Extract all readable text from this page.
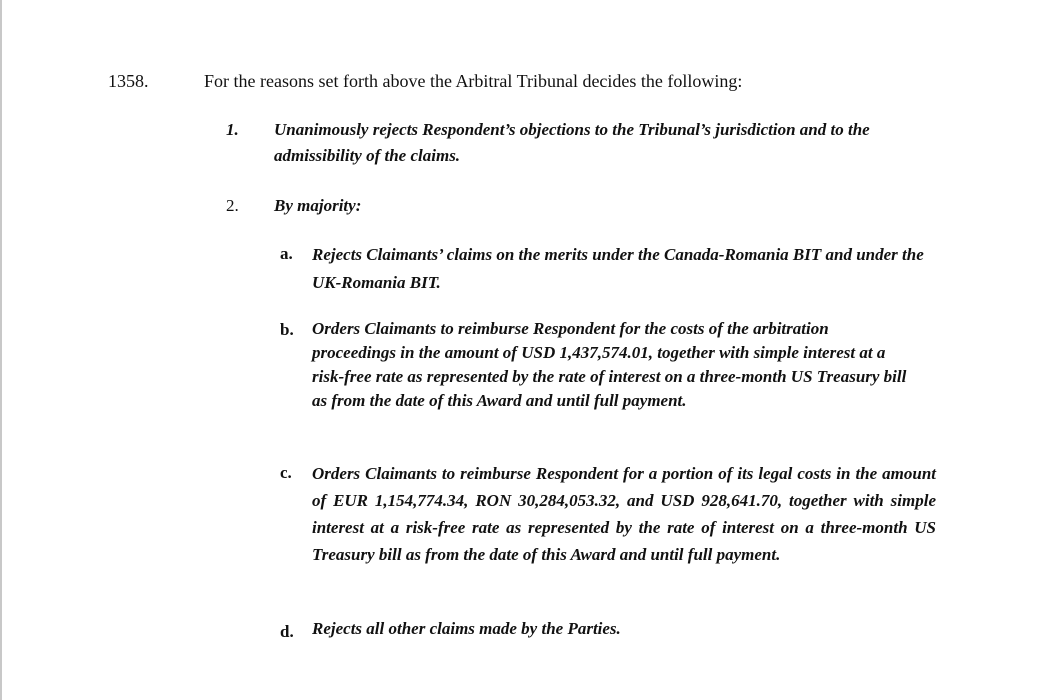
1358.	For the reasons set forth above the Arbitral Tribunal decides the following:
1. Unanimously rejects Respondent’s objections to the Tribunal’s jurisdiction and to the admissibility of the claims.
2. By majority:
a. Rejects Claimants’ claims on the merits under the Canada-Romania BIT and under the UK-Romania BIT.
b. Orders Claimants to reimburse Respondent for the costs of the arbitration proceedings in the amount of USD 1,437,574.01, together with simple interest at a risk-free rate as represented by the rate of interest on a three-month US Treasury bill as from the date of this Award and until full payment.
c. Orders Claimants to reimburse Respondent for a portion of its legal costs in the amount of EUR 1,154,774.34, RON 30,284,053.32, and USD 928,641.70, together with simple interest at a risk-free rate as represented by the rate of interest on a three-month US Treasury bill as from the date of this Award and until full payment.
d. Rejects all other claims made by the Parties.
